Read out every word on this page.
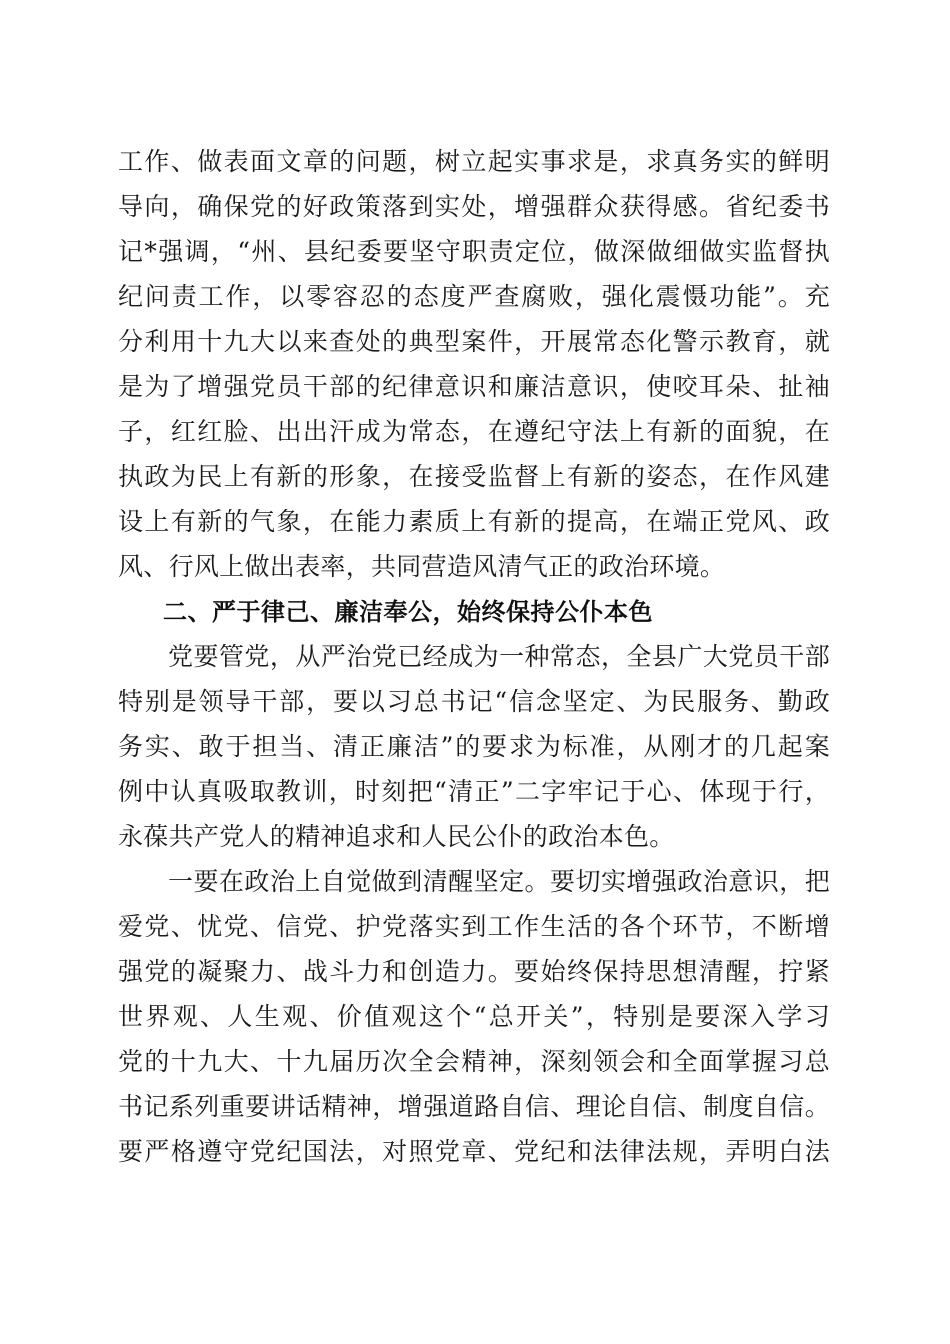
工作、做表面文章的问题，树立起实事求是，求真务实的鲜明
导向，确保党的好政策落到实处，增强群众获得感。省纪委书
记*强调，“州、县纪委要坚守职责定位，做深做细做实监督执
纪问责工作，以零容忍的态度严查腐败，强化震慑功能”。充
分利用十九大以来查处的典型案件，开展常态化警示教育，就
是为了增强党员干部的纪律意识和廉洁意识，使咬耳朵、扯袖
子，红红脸、出出汗成为常态，在遵纪守法上有新的面貌，在
执政为民上有新的形象，在接受监督上有新的姿态，在作风建
设上有新的气象，在能力素质上有新的提高，在端正党风、政
风、行风上做出表率，共同营造风清气正的政治环境。
二、严于律己、廉洁奉公，始终保持公仆本色
党要管党，从严治党已经成为一种常态，全县广大党员干部
特别是领导干部，要以习总书记“信念坚定、为民服务、勤政
务实、敢于担当、清正廉洁”的要求为标准，从刚才的几起案
例中认真吸取教训，时刻把“清正”二字牢记于心、体现于行，
永葆共产党人的精神追求和人民公仆的政治本色。
一要在政治上自觉做到清醒坚定。要切实增强政治意识，把
爱党、忧党、信党、护党落实到工作生活的各个环节，不断增
强党的凝聚力、战斗力和创造力。要始终保持思想清醒，拧紧
世界观、人生观、价值观这个“总开关”，特别是要深入学习
党的十九大、十九届历次全会精神，深刻领会和全面掌握习总
书记系列重要讲话精神，增强道路自信、理论自信、制度自信。
要严格遵守党纪国法，对照党章、党纪和法律法规，弄明白法
